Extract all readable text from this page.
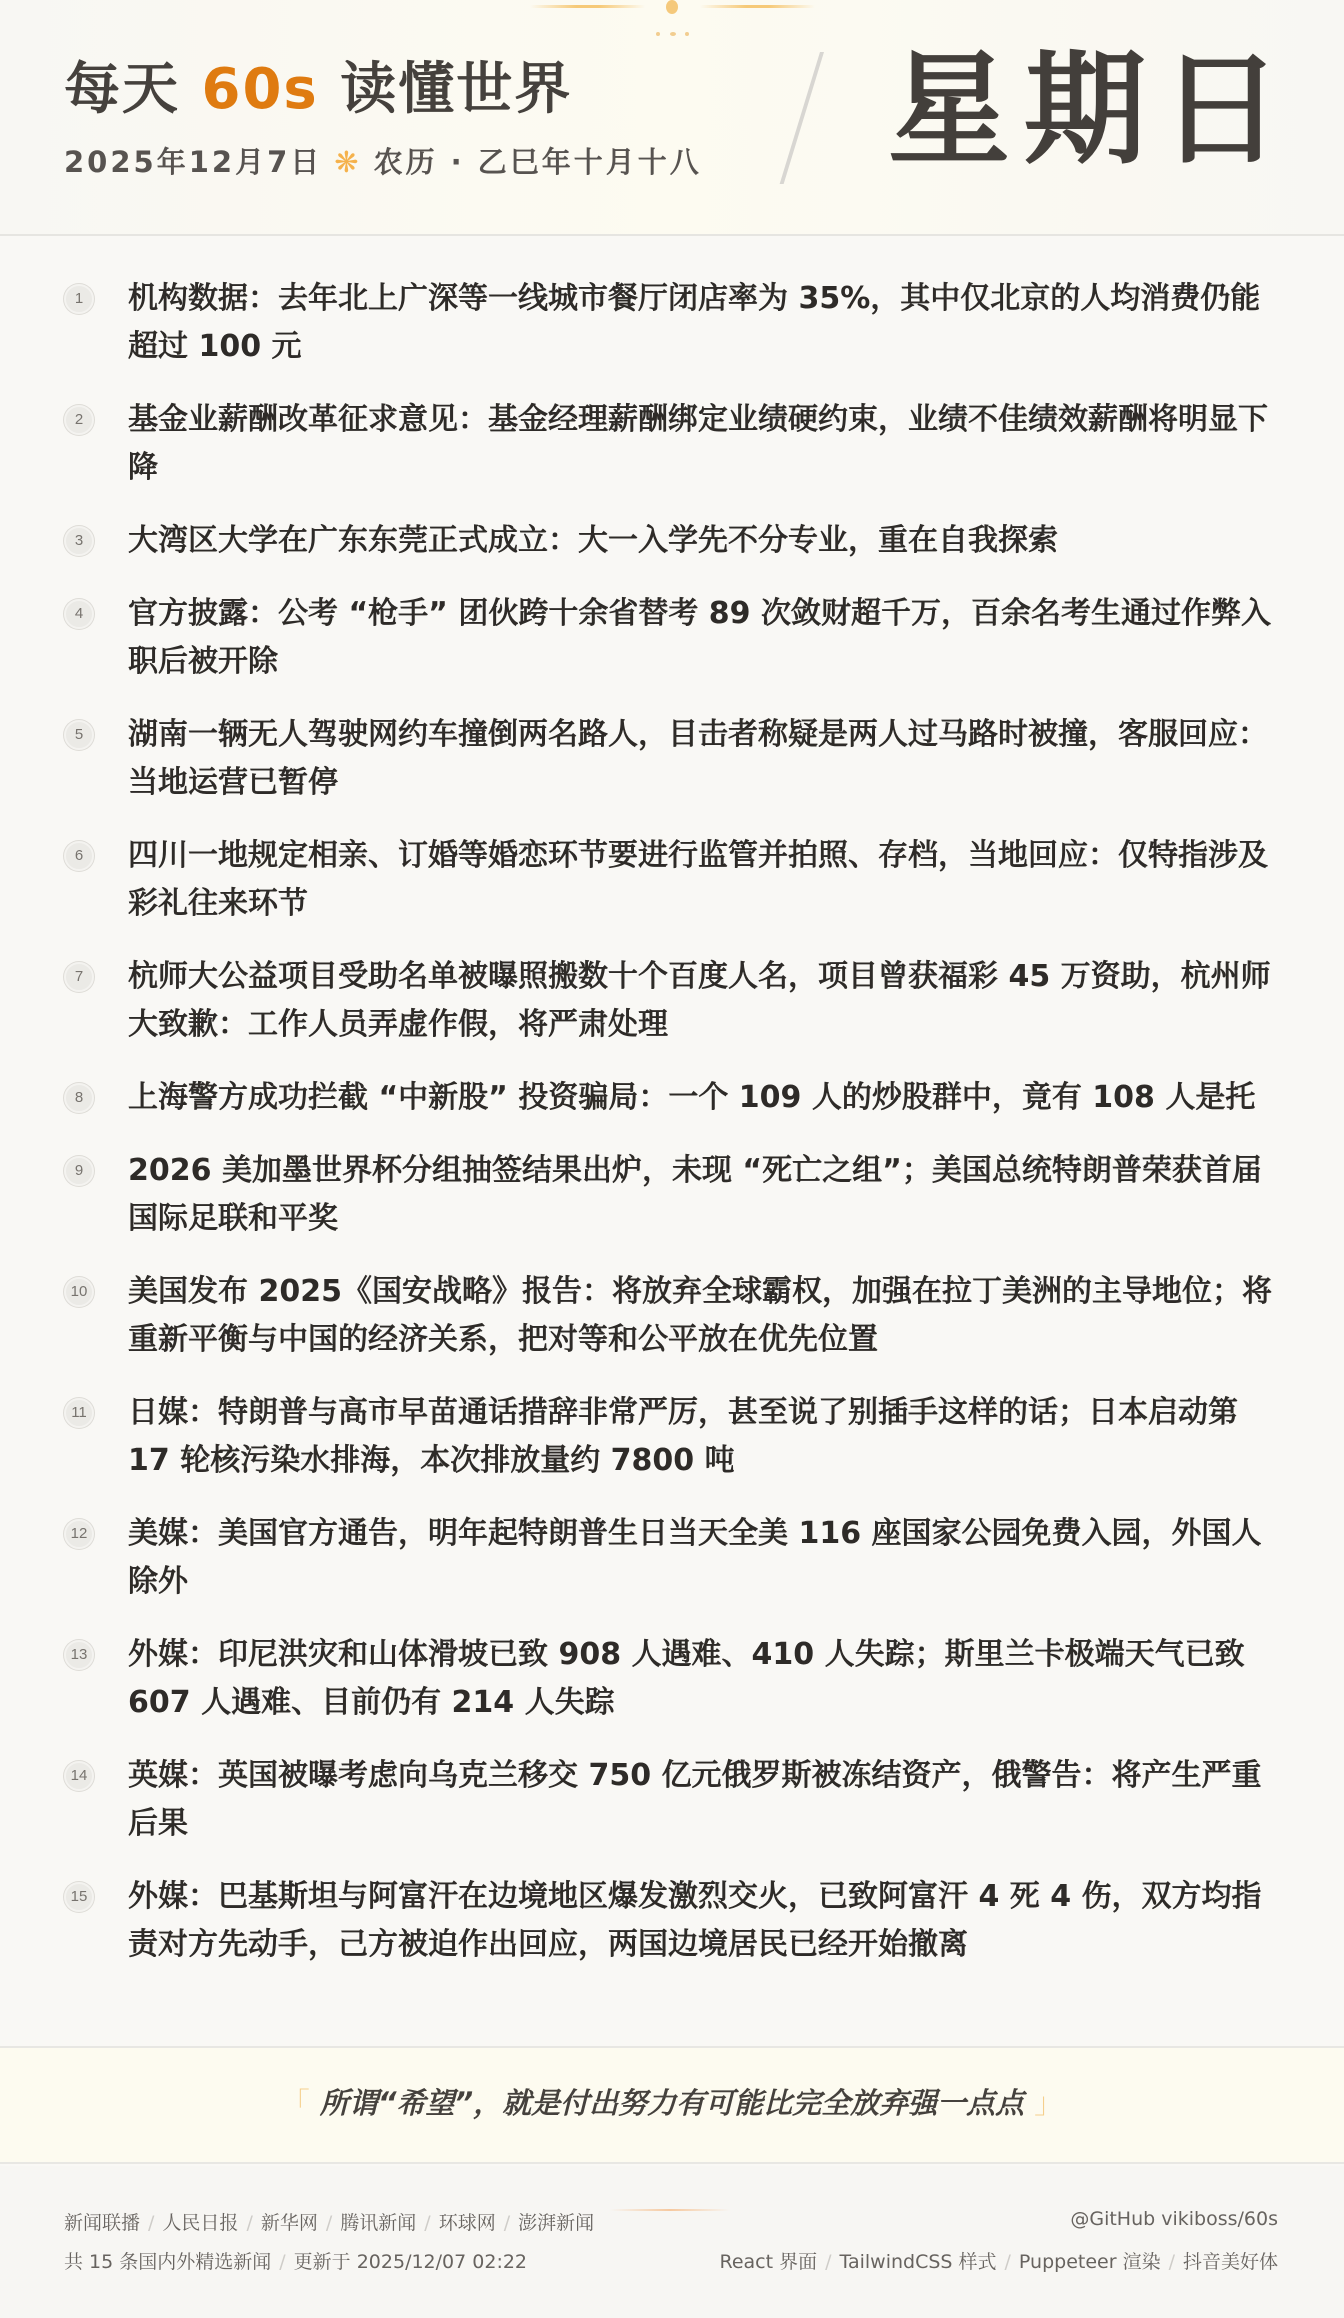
每天 60s 读懂世界
2025年12月7日 ❋ 农历 · 乙巳年十月十八 星期日
1	机构数据：去年北上广深等一线城市餐厅闭店率为 35%，其中仅北京的人均消费仍能超过 100 元

2	基金业薪酬改革征求意见：基金经理薪酬绑定业绩硬约束，业绩不佳绩效薪酬将明显下降

3	大湾区大学在广东东莞正式成立：大一入学先不分专业，重在自我探索

4	官方披露：公考 “枪手” 团伙跨十余省替考 89 次敛财超千万，百余名考生通过作弊入职后被开除

5	湖南一辆无人驾驶网约车撞倒两名路人，目击者称疑是两人过马路时被撞，客服回应：当地运营已暂停

6	四川一地规定相亲、订婚等婚恋环节要进行监管并拍照、存档，当地回应：仅特指涉及彩礼往来环节

7	杭师大公益项目受助名单被曝照搬数十个百度人名，项目曾获福彩 45 万资助，杭州师大致歉：工作人员弄虚作假，将严肃处理

8	上海警方成功拦截 “中新股” 投资骗局：一个 109 人的炒股群中，竟有 108 人是托

9	2026 美加墨世界杯分组抽签结果出炉，未现 “死亡之组”；美国总统特朗普荣获首届国际足联和平奖

10 美国发布 2025《国安战略》报告：将放弃全球霸权，加强在拉丁美洲的主导地位；将重新平衡与中国的经济关系，把对等和公平放在优先位置

11 日媒：特朗普与高市早苗通话措辞非常严厉，甚至说了别插手这样的话；日本启动第 17 轮核污染水排海，本次排放量约 7800 吨

12 美媒：美国官方通告，明年起特朗普生日当天全美 116 座国家公园免费入园，外国人除外

13 外媒：印尼洪灾和山体滑坡已致 908 人遇难、410 人失踪；斯里兰卡极端天气已致 607 人遇难、目前仍有 214 人失踪

14 英媒：英国被曝考虑向乌克兰移交 750 亿元俄罗斯被冻结资产，俄警告：将产生严重后果

15 外媒：巴基斯坦与阿富汗在边境地区爆发激烈交火，已致阿富汗 4 死 4 伤，双方均指责对方先动手，己方被迫作出回应，两国边境居民已经开始撤离

「 所谓“希望”，就是付出努力有可能比完全放弃强一点点 」

新闻联播 / 人民日报 / 新华网 / 腾讯新闻 / 环球网 / 澎湃新闻	@GitHub vikiboss/60s
共 15 条国内外精选新闻 / 更新于 2025/12/07 02:22	React 界面 / TailwindCSS 样式 / Puppeteer 渲染 / 抖音美好体
